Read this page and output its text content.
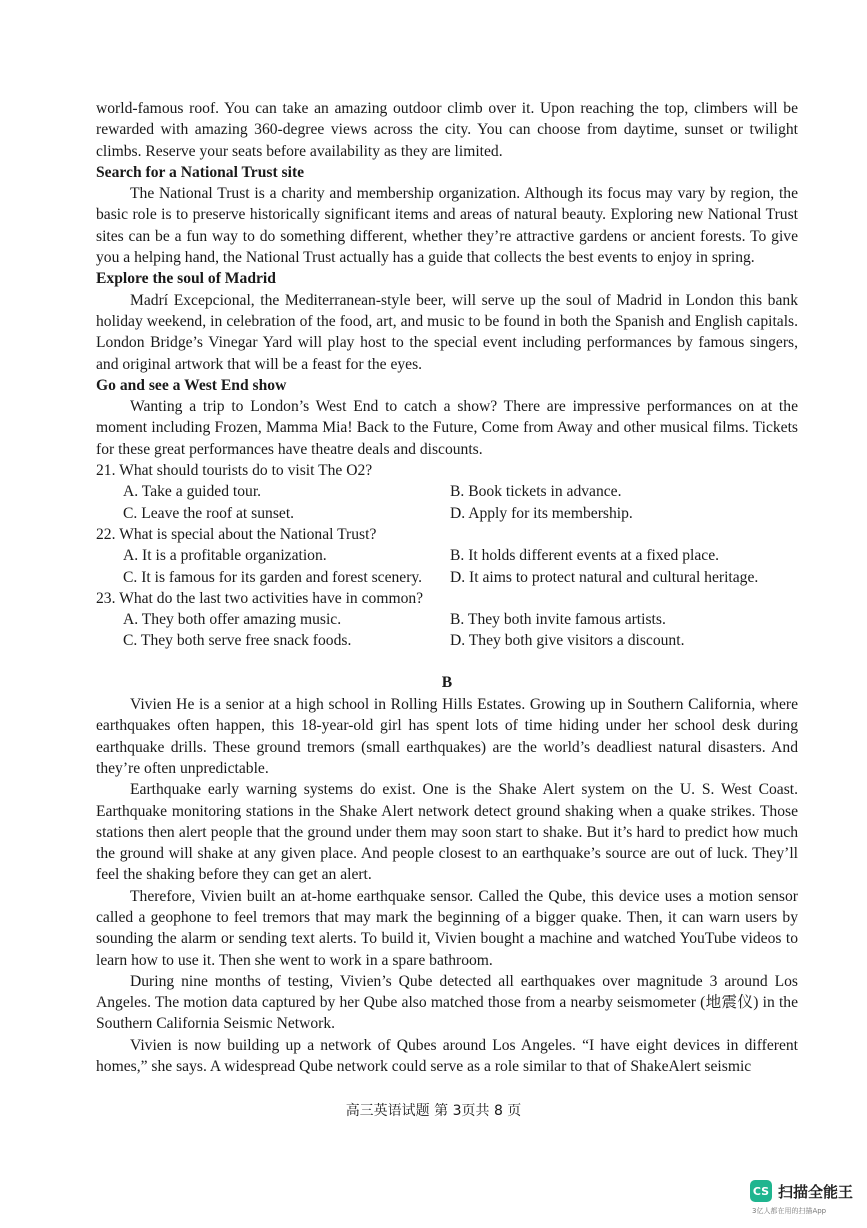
world-famous roof. You can take an amazing outdoor climb over it. Upon reaching the top, climbers will be rewarded with amazing 360-degree views across the city. You can choose from daytime, sunset or twilight climbs. Reserve your seats before availability as they are limited.

Search for a National Trust site

The National Trust is a charity and membership organization. Although its focus may vary by region, the basic role is to preserve historically significant items and areas of natural beauty. Exploring new National Trust sites can be a fun way to do something different, whether they’re attractive gardens or ancient forests. To give you a helping hand, the National Trust actually has a guide that collects the best events to enjoy in spring.

Explore the soul of Madrid

Madrí Excepcional, the Mediterranean-style beer, will serve up the soul of Madrid in London this bank holiday weekend, in celebration of the food, art, and music to be found in both the Spanish and English capitals. London Bridge’s Vinegar Yard will play host to the special event including performances by famous singers, and original artwork that will be a feast for the eyes.

Go and see a West End show

Wanting a trip to London’s West End to catch a show? There are impressive performances on at the moment including Frozen, Mamma Mia! Back to the Future, Come from Away and other musical films. Tickets for these great performances have theatre deals and discounts.

21. What should tourists do to visit The O2?
A. Take a guided tour.	B. Book tickets in advance.
C. Leave the roof at sunset.	D. Apply for its membership.
22. What is special about the National Trust?
A. It is a profitable organization.	B. It holds different events at a fixed place.
C. It is famous for its garden and forest scenery.	D. It aims to protect natural and cultural heritage.
23. What do the last two activities have in common?
A. They both offer amazing music.	B. They both invite famous artists.
C. They both serve free snack foods.	D. They both give visitors a discount.
B

Vivien He is a senior at a high school in Rolling Hills Estates. Growing up in Southern California, where earthquakes often happen, this 18-year-old girl has spent lots of time hiding under her school desk during earthquake drills. These ground tremors (small earthquakes) are the world’s deadliest natural disasters. And they’re often unpredictable.

Earthquake early warning systems do exist. One is the Shake Alert system on the U. S. West Coast. Earthquake monitoring stations in the Shake Alert network detect ground shaking when a quake strikes. Those stations then alert people that the ground under them may soon start to shake. But it’s hard to predict how much the ground will shake at any given place. And people closest to an earthquake’s source are out of luck. They’ll feel the shaking before they can get an alert.

Therefore, Vivien built an at-home earthquake sensor. Called the Qube, this device uses a motion sensor called a geophone to feel tremors that may mark the beginning of a bigger quake. Then, it can warn users by sounding the alarm or sending text alerts. To build it, Vivien bought a machine and watched YouTube videos to learn how to use it. Then she went to work in a spare bathroom.

During nine months of testing, Vivien’s Qube detected all earthquakes over magnitude 3 around Los Angeles. The motion data captured by her Qube also matched those from a nearby seismometer (地震仪) in the Southern California Seismic Network.

Vivien is now building up a network of Qubes around Los Angeles. “I have eight devices in different homes,” she says. A widespread Qube network could serve as a role similar to that of ShakeAlert seismic

高三英语试题 第 3页共 8 页
CS 扫描全能王
3亿人都在用的扫描App
